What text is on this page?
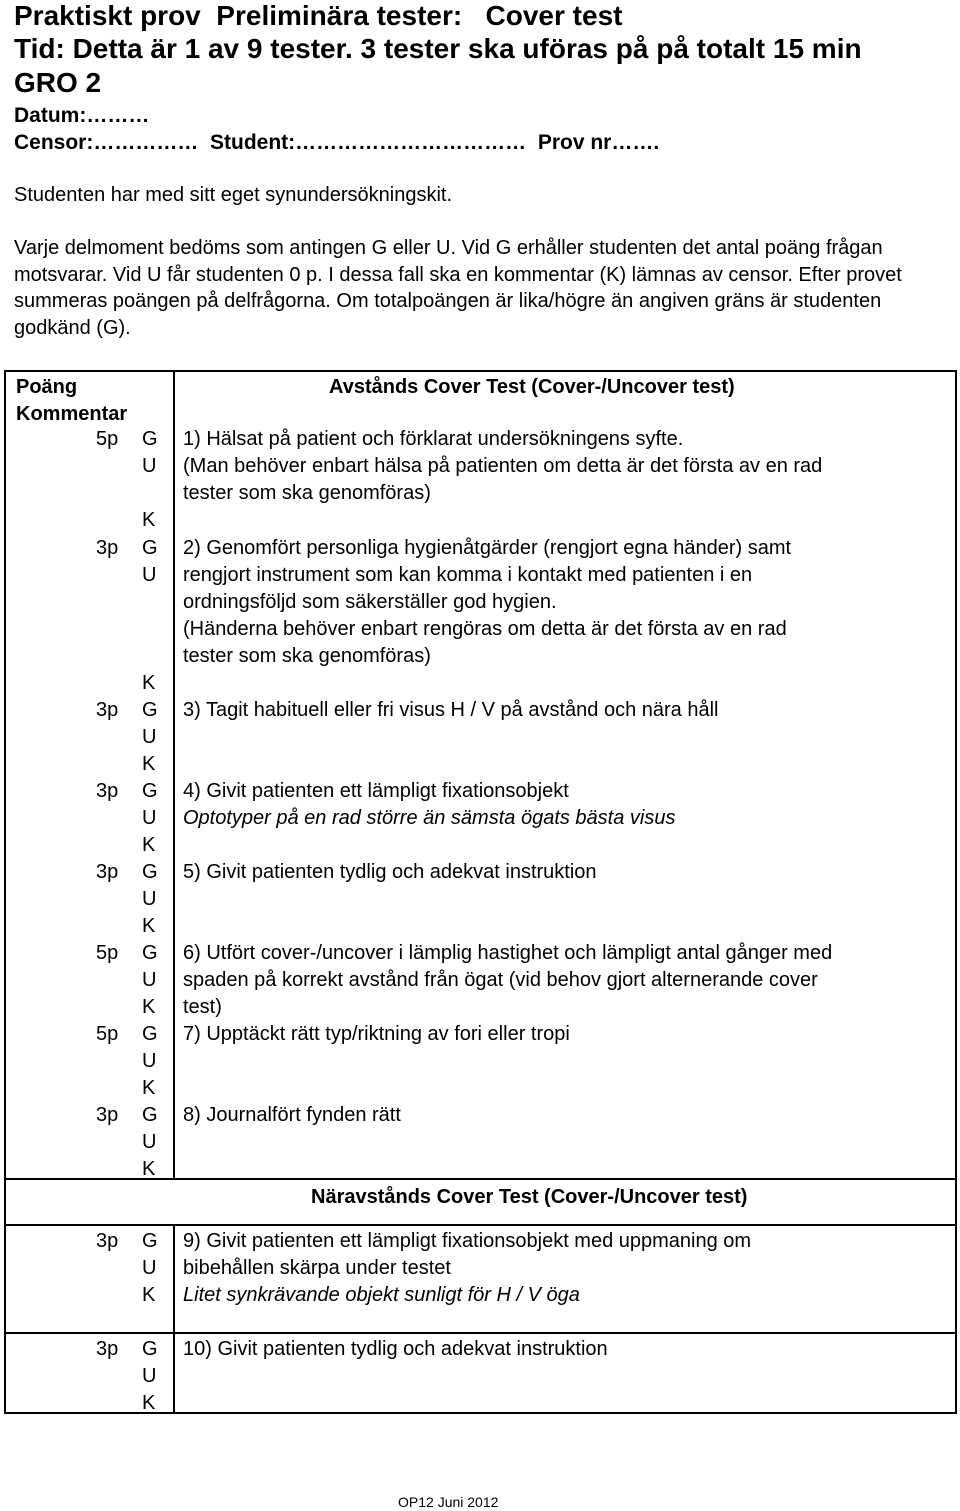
Praktiskt prov  Preliminära tester:   Cover test
Tid: Detta är 1 av 9 tester. 3 tester ska uföras på på totalt 15 min
GRO 2
Datum:………
Censor:……………  Student:……………………………  Prov nr…….
Studenten har med sitt eget synundersökningskit.
Varje delmoment bedöms som antingen G eller U. Vid G erhåller studenten det antal poäng frågan motsvarar. Vid U får studenten 0 p. I dessa fall ska en kommentar (K) lämnas av censor. Efter provet summeras poängen på delfrågorna. Om totalpoängen är lika/högre än angiven gräns är studenten godkänd (G).
Poäng
Kommentar
Avstånds Cover Test (Cover-/Uncover test)
Näravstånds Cover Test (Cover-/Uncover test)
5p G
U
K
1) Hälsat på patient och förklarat undersökningens syfte.
(Man behöver enbart hälsa på patienten om detta är det första av en rad
tester som ska genomföras)
3p G
U
K
2) Genomfört personliga hygienåtgärder (rengjort egna händer) samt
rengjort instrument som kan komma i kontakt med patienten i en
ordningsföljd som säkerställer god hygien.
(Händerna behöver enbart rengöras om detta är det första av en rad
tester som ska genomföras)
3p G
U
K
3) Tagit habituell eller fri visus H / V på avstånd och nära håll
3p G
U
K
4) Givit patienten ett lämpligt fixationsobjekt
Optotyper på en rad större än sämsta ögats bästa visus
3p G
U
K
5) Givit patienten tydlig och adekvat instruktion
5p G
U
K
6) Utfört cover-/uncover i lämplig hastighet och lämpligt antal gånger med
spaden på korrekt avstånd från ögat (vid behov gjort alternerande cover
test)
5p G
U
K
7) Upptäckt rätt typ/riktning av fori eller tropi
3p G
U
K
8) Journalfört fynden rätt
3p G
U
K
9) Givit patienten ett lämpligt fixationsobjekt med uppmaning om
bibehållen skärpa under testet
Litet synkrävande objekt sunligt för H / V öga
3p G
U
K
10) Givit patienten tydlig och adekvat instruktion
OP12 Juni 2012
